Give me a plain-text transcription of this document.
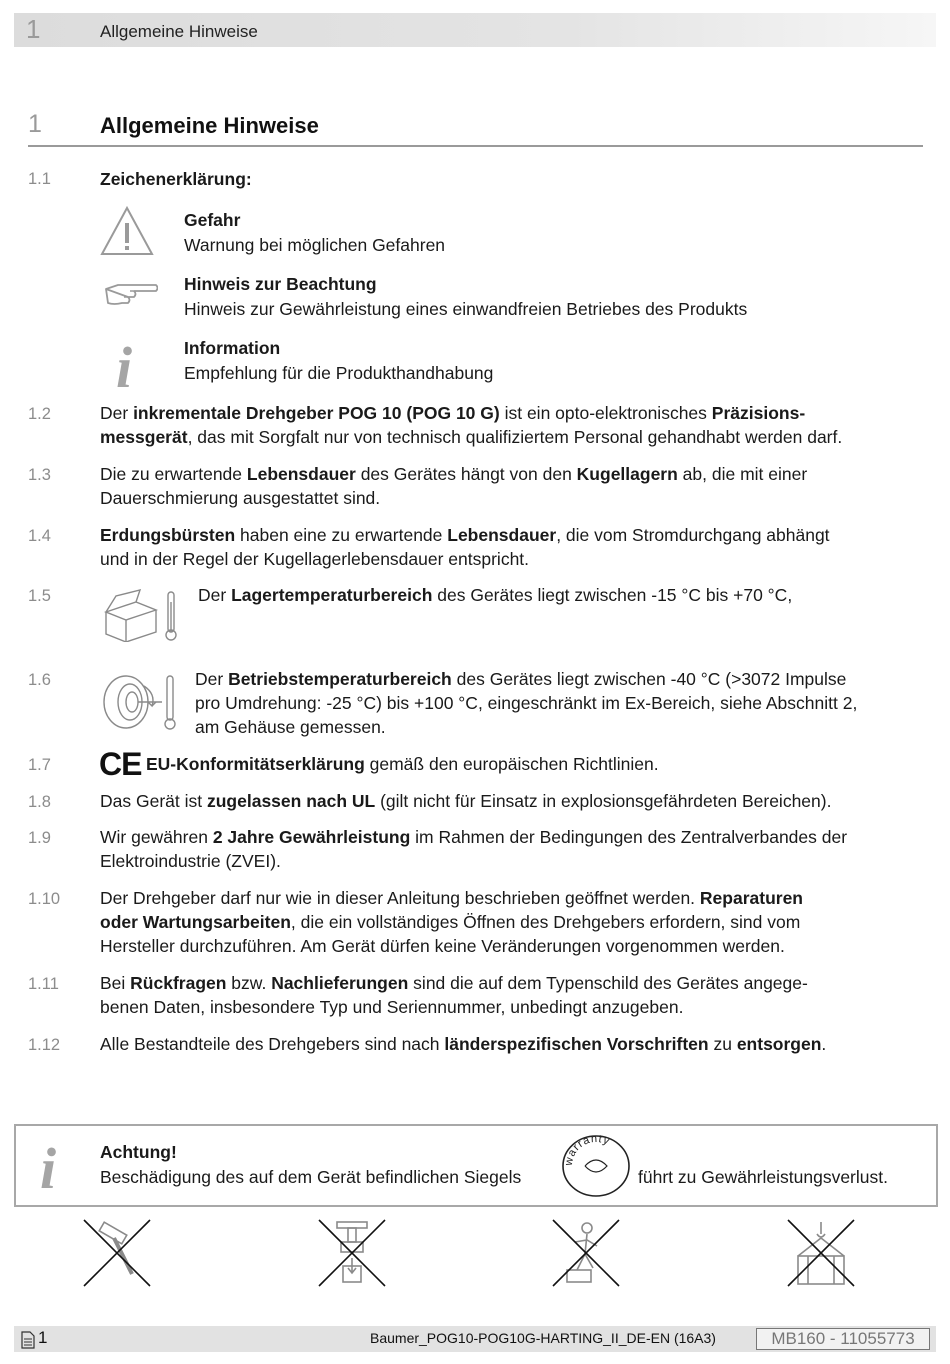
1	Allgemeine Hinweise
1	Allgemeine Hinweise
1.1	Zeichenerklärung:
Gefahr
Warnung bei möglichen Gefahren
Hinweis zur Beachtung
Hinweis zur Gewährleistung eines einwandfreien Betriebes des Produkts
i	Information
Empfehlung für die Produkthandhabung
1.2	Der inkrementale Drehgeber POG 10 (POG 10 G) ist ein opto-elektronisches Präzisions-
messgerät, das mit Sorgfalt nur von technisch qualifiziertem Personal gehandhabt werden darf.
1.3	Die zu erwartende Lebensdauer des Gerätes hängt von den Kugellagern ab, die mit einer
Dauerschmierung ausgestattet sind.
1.4	Erdungsbürsten haben eine zu erwartende Lebensdauer, die vom Stromdurchgang abhängt
und in der Regel der Kugellagerlebensdauer entspricht.
1.5	Der Lagertemperaturbereich des Gerätes liegt zwischen -15 °C bis +70 °C,
1.6	Der Betriebstemperaturbereich des Gerätes liegt zwischen -40 °C (>3072 Impulse
pro Umdrehung: -25 °C) bis +100 °C, eingeschränkt im Ex-Bereich, siehe Abschnitt 2,
am Gehäuse gemessen.
1.7 CE EU-Konformitätserklärung gemäß den europäischen Richtlinien.
1.8	Das Gerät ist zugelassen nach UL (gilt nicht für Einsatz in explosionsgefährdeten Bereichen).
1.9	Wir gewähren 2 Jahre Gewährleistung im Rahmen der Bedingungen des Zentralverbandes der
Elektroindustrie (ZVEI).
1.10 Der Drehgeber darf nur wie in dieser Anleitung beschrieben geöffnet werden. Reparaturen
oder Wartungsarbeiten, die ein vollständiges Öffnen des Drehgebers erfordern, sind vom
Hersteller durchzuführen. Am Gerät dürfen keine Veränderungen vorgenommen werden.
1.11 Bei Rückfragen bzw. Nachlieferungen sind die auf dem Typenschild des Gerätes angege-
benen Daten, insbesondere Typ und Seriennummer, unbedingt anzugeben.
1.12 Alle Bestandteile des Drehgebers sind nach länderspezifischen Vorschriften zu entsorgen.
i	Achtung!
Beschädigung des auf dem Gerät befindlichen Siegels
warranty
führt zu Gewährleistungsverlust.
1	Baumer_POG10-POG10G-HARTING_II_DE-EN (16A3)	MB160 - 11055773
